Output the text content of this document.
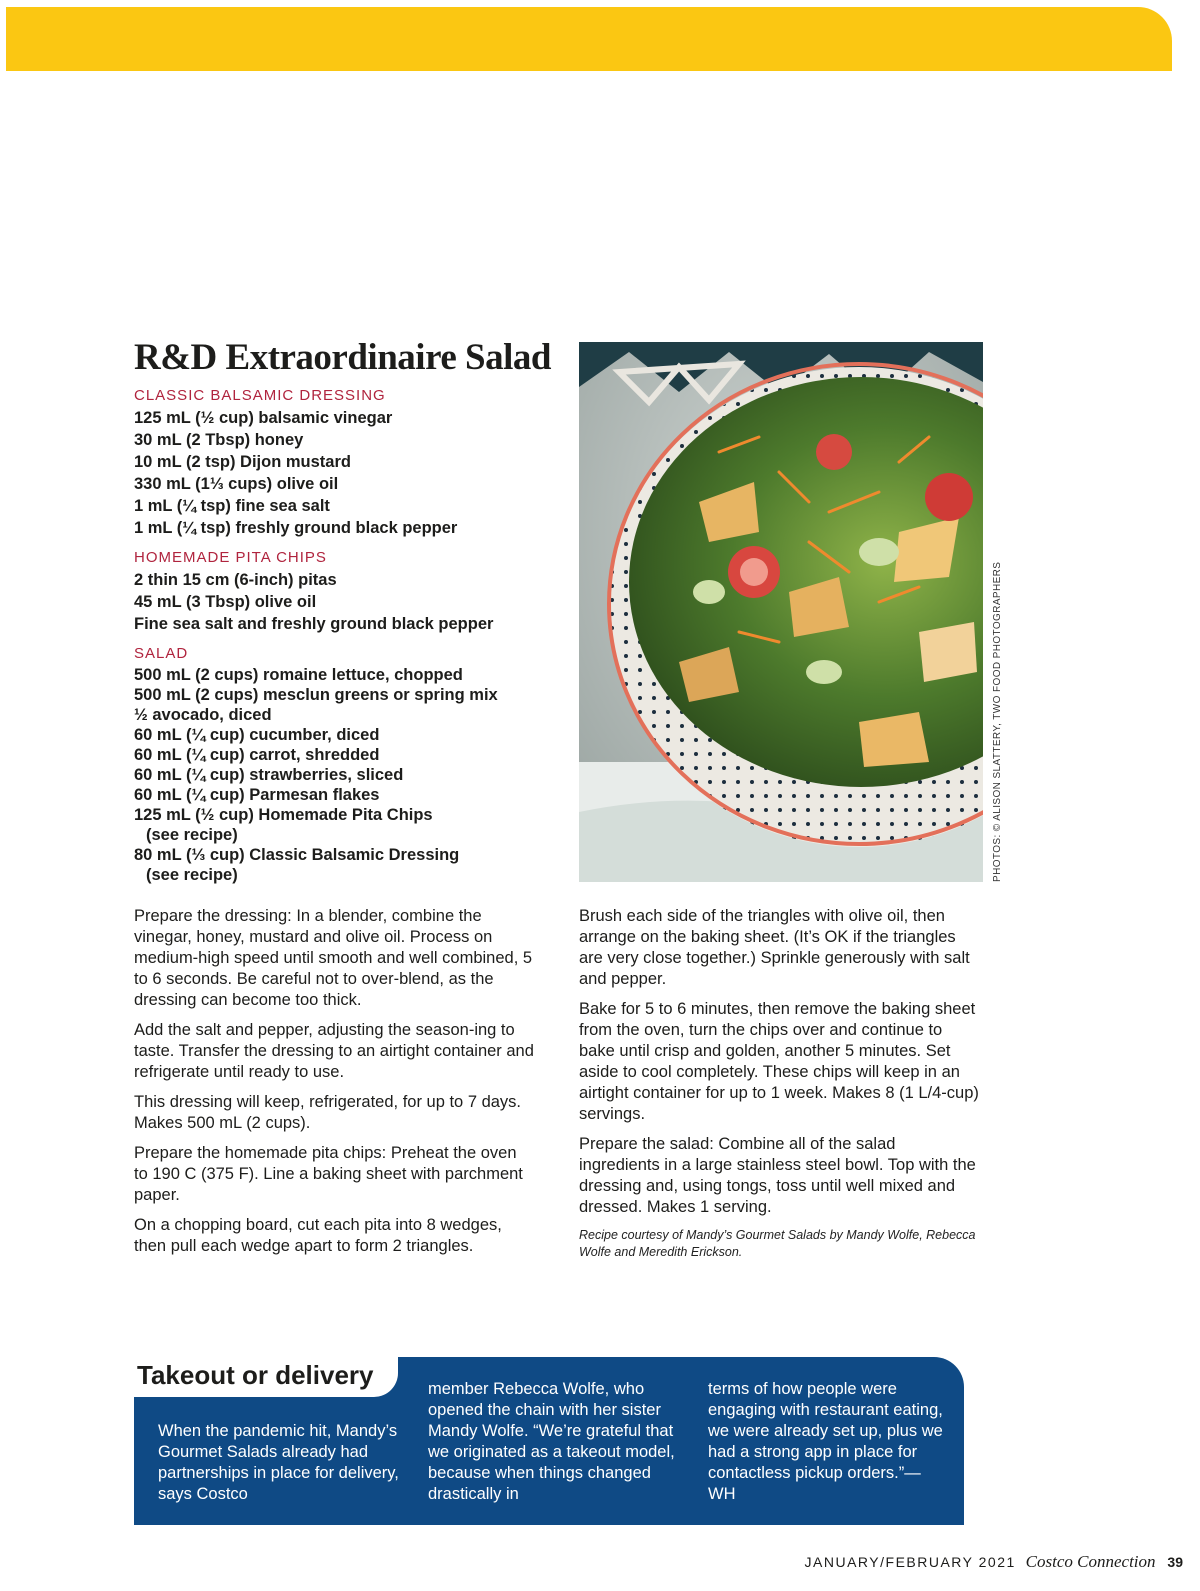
R&D Extraordinaire Salad
CLASSIC BALSAMIC DRESSING
125 mL (½ cup) balsamic vinegar
30 mL (2 Tbsp) honey
10 mL (2 tsp) Dijon mustard
330 mL (1⅓ cups) olive oil
1 mL (¼ tsp) fine sea salt
1 mL (¼ tsp) freshly ground black pepper
HOMEMADE PITA CHIPS
2 thin 15 cm (6-inch) pitas
45 mL (3 Tbsp) olive oil
Fine sea salt and freshly ground black pepper
SALAD
500 mL (2 cups) romaine lettuce, chopped
500 mL (2 cups) mesclun greens or spring mix
½ avocado, diced
60 mL (¼ cup) cucumber, diced
60 mL (¼ cup) carrot, shredded
60 mL (¼ cup) strawberries, sliced
60 mL (¼ cup) Parmesan flakes
125 mL (½ cup) Homemade Pita Chips
(see recipe)
80 mL (⅓ cup) Classic Balsamic Dressing
(see recipe)	PHOTOS: © ALISON SLATTERY, TWO FOOD PHOTOGRAPHERS

Prepare the dressing: In a blender, combine the vinegar, honey, mustard and olive oil. Process on medium-high speed until smooth and well combined, 5 to 6 seconds. Be careful not to over-blend, as the dressing can become too thick.

Add the salt and pepper, adjusting the season-ing to taste. Transfer the dressing to an airtight container and refrigerate until ready to use.

This dressing will keep, refrigerated, for up to 7 days. Makes 500 mL (2 cups).

Prepare the homemade pita chips: Preheat the oven to 190 C (375 F). Line a baking sheet with parchment paper.

On a chopping board, cut each pita into 8 wedges, then pull each wedge apart to form 2 triangles.

Brush each side of the triangles with olive oil, then arrange on the baking sheet. (It’s OK if the triangles are very close together.) Sprinkle generously with salt and pepper.

Bake for 5 to 6 minutes, then remove the baking sheet from the oven, turn the chips over and continue to bake until crisp and golden, another 5 minutes. Set aside to cool completely. These chips will keep in an airtight container for up to 1 week. Makes 8 (1 L/4-cup) servings.

Prepare the salad: Combine all of the salad ingredients in a large stainless steel bowl. Top with the dressing and, using tongs, toss until well mixed and dressed. Makes 1 serving.

Recipe courtesy of Mandy’s Gourmet Salads by Mandy Wolfe, Rebecca Wolfe and Meredith Erickson.

Takeout or delivery

When the pandemic hit, Mandy’s Gourmet Salads already had partnerships in place for delivery, says Costco

member Rebecca Wolfe, who opened the chain with her sister Mandy Wolfe. “We’re grateful that we originated as a takeout model, because when things changed drastically in

terms of how people were engaging with restaurant eating, we were already set up, plus we had a strong app in place for contactless pickup orders.”—WH

JANUARY/FEBRUARY 2021 Costco Connection 39
